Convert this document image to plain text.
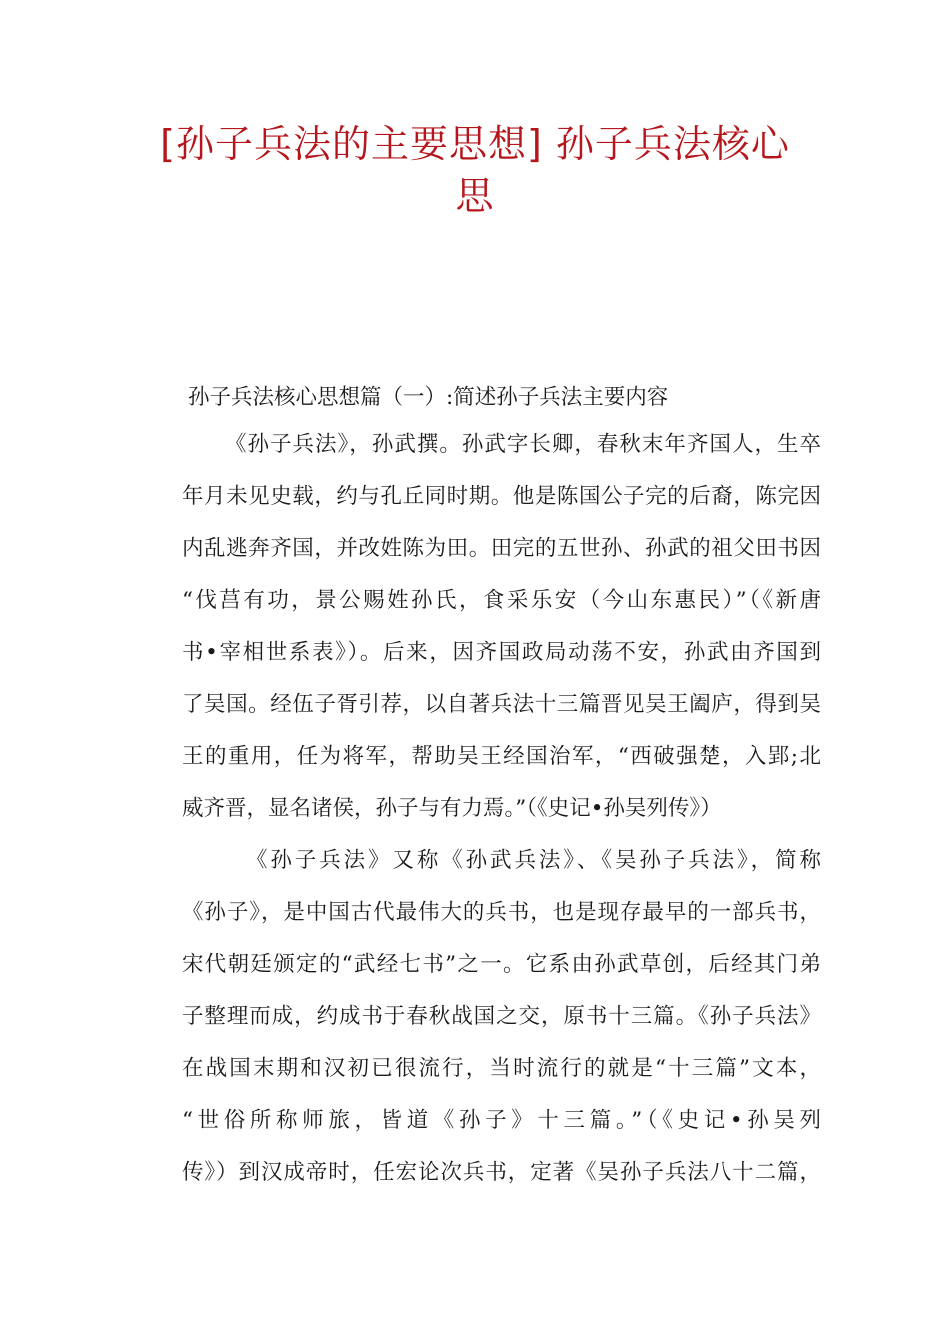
[孙子兵法的主要思想] 孙子兵法核心
思

孙子兵法核心思想篇（一）:简述孙子兵法主要内容

《孙子兵法》，孙武撰。孙武字长卿，春秋末年齐国人，生卒
年月未见史载，约与孔丘同时期。他是陈国公子完的后裔，陈完因
内乱逃奔齐国，并改姓陈为田。田完的五世孙、孙武的祖父田书因
“伐莒有功，景公赐姓孙氏，食采乐安（今山东惠民）”（《新唐
书•宰相世系表》）。后来，因齐国政局动荡不安，孙武由齐国到
了吴国。经伍子胥引荐，以自著兵法十三篇晋见吴王阖庐，得到吴
王的重用，任为将军，帮助吴王经国治军，“西破强楚，入郢;北
威齐晋，显名诸侯，孙子与有力焉。”（《史记•孙吴列传》）
《孙子兵法》又称《孙武兵法》、《吴孙子兵法》，简称
《孙子》，是中国古代最伟大的兵书，也是现存最早的一部兵书，
宋代朝廷颁定的“武经七书”之一。它系由孙武草创，后经其门弟
子整理而成，约成书于春秋战国之交，原书十三篇。《孙子兵法》
在战国末期和汉初已很流行，当时流行的就是“十三篇”文本，
“世俗所称师旅，皆道《孙子》十三篇。”（《史记•孙吴列
传》）到汉成帝时，任宏论次兵书，定著《吴孙子兵法八十二篇，
